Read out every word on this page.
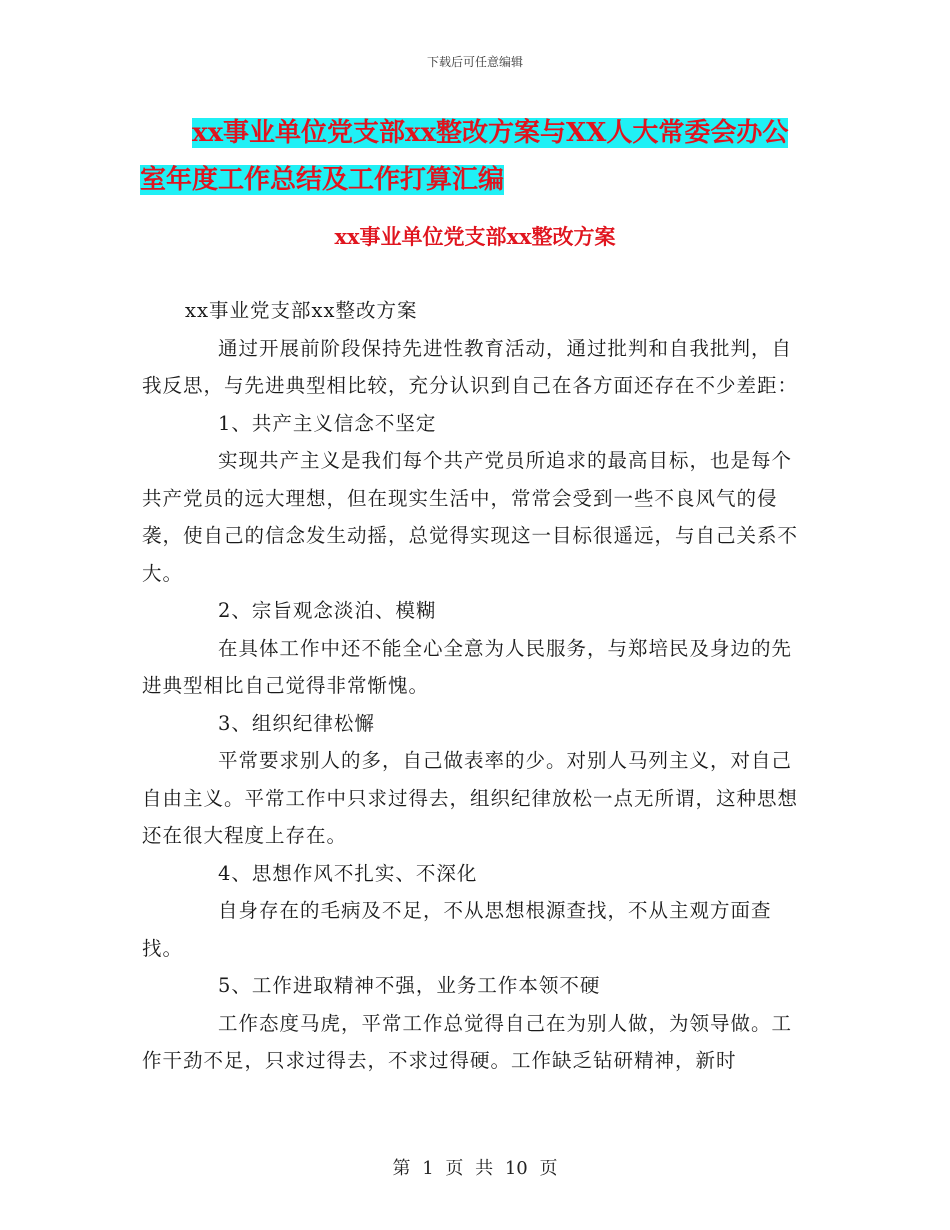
下载后可任意编辑
xx事业单位党支部xx整改方案与XX人大常委会办公
室年度工作总结及工作打算汇编
xx事业单位党支部xx整改方案

xx事业党支部xx整改方案

通过开展前阶段保持先进性教育活动，通过批判和自我批判，自我反思，与先进典型相比较，充分认识到自己在各方面还存在不少差距：

1、共产主义信念不坚定

实现共产主义是我们每个共产党员所追求的最高目标，也是每个共产党员的远大理想，但在现实生活中，常常会受到一些不良风气的侵袭，使自己的信念发生动摇，总觉得实现这一目标很遥远，与自己关系不大。

2、宗旨观念淡泊、模糊

在具体工作中还不能全心全意为人民服务，与郑培民及身边的先进典型相比自己觉得非常惭愧。

3、组织纪律松懈

平常要求别人的多，自己做表率的少。对别人马列主义，对自己自由主义。平常工作中只求过得去，组织纪律放松一点无所谓，这种思想还在很大程度上存在。

4、思想作风不扎实、不深化

自身存在的毛病及不足，不从思想根源查找，不从主观方面查找。

5、工作进取精神不强，业务工作本领不硬

工作态度马虎，平常工作总觉得自己在为别人做，为领导做。工作干劲不足，只求过得去，不求过得硬。工作缺乏钻研精神，新时

第 1 页 共 10 页
